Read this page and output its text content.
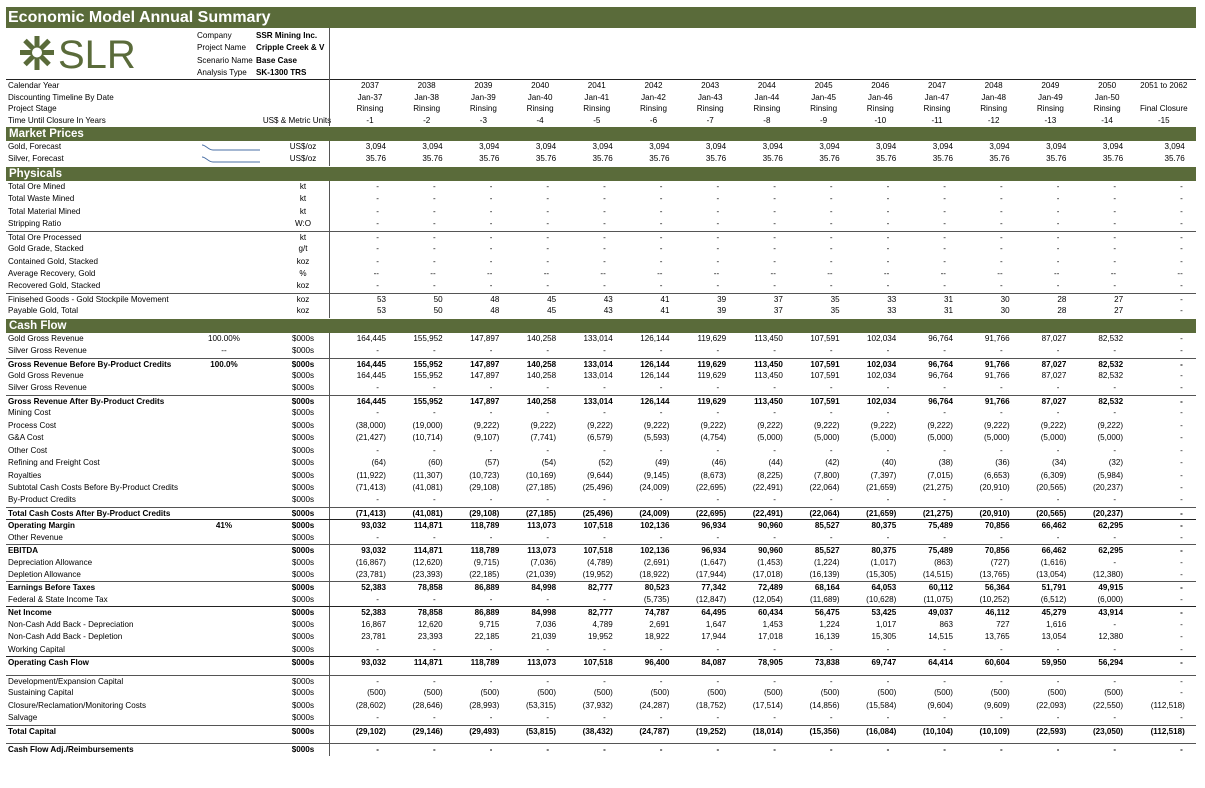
Economic Model Annual Summary
SLR	Company	SSR Mining Inc.
Project Name	Cripple Creek & V
Scenario Name Base Case
Analysis Type	SK-1300 TRS
Calendar Year	2037	2038	2039	2040	2041	2042	2043	2044	2045	2046	2047	2048	2049	2050	2051 to 2062
Discounting Timeline By Date	Jan-37	Jan-38	Jan-39	Jan-40	Jan-41	Jan-42	Jan-43	Jan-44	Jan-45	Jan-46	Jan-47	Jan-48	Jan-49	Jan-50
Project Stage	Rinsing	Rinsing	Rinsing	Rinsing	Rinsing	Rinsing	Rinsing	Rinsing	Rinsing	Rinsing	Rinsing	Rinsing	Rinsing	Rinsing	Final Closure
Time Until Closure In Years	US$ & Metric Units	-1	-2	-3	-4	-5	-6	-7	-8	-9	-10	-11	-12	-13	-14	-15
Market Prices
Gold, Forecast	US$/oz	3,094	3,094	3,094	3,094	3,094	3,094	3,094	3,094	3,094	3,094	3,094	3,094	3,094	3,094	3,094
Silver, Forecast	US$/oz	35.76	35.76	35.76	35.76	35.76	35.76	35.76	35.76	35.76	35.76	35.76	35.76	35.76	35.76	35.76
Physicals
Total Ore Mined	kt	-	-	-	-	-	-	-	-	-	-	-	-	-	-	-
Total Waste Mined	kt	-	-	-	-	-	-	-	-	-	-	-	-	-	-	-
Total Material Mined	kt	-	-	-	-	-	-	-	-	-	-	-	-	-	-	-
Stripping Ratio	W:O	-	-	-	-	-	-	-	-	-	-	-	-	-	-	-
Total Ore Processed	kt	-	-	-	-	-	-	-	-	-	-	-	-	-	-	-
Gold Grade, Stacked	g/t	-	-	-	-	-	-	-	-	-	-	-	-	-	-	-
Contained Gold, Stacked	koz	-	-	-	-	-	-	-	-	-	-	-	-	-	-	-
Average Recovery, Gold	%	--	--	--	--	--	--	--	--	--	--	--	--	--	--	--
Recovered Gold, Stacked	koz	-	-	-	-	-	-	-	-	-	-	-	-	-	-	-
Finisehed Goods - Gold Stockpile Movement	koz	53	50	48	45	43	41	39	37	35	33	31	30	28	27	-
Payable Gold, Total	koz	53	50	48	45	43	41	39	37	35	33	31	30	28	27	-
Cash Flow
Gold Gross Revenue	100.00%	$000s	164,445	155,952	147,897	140,258	133,014	126,144	119,629	113,450	107,591	102,034	96,764	91,766	87,027	82,532	-
Silver Gross Revenue	--	$000s	-	-	-	-	-	-	-	-	-	-	-	-	-	-	-
Gross Revenue Before By-Product Credits	100.0%	$000s	164,445	155,952	147,897	140,258	133,014	126,144	119,629	113,450	107,591	102,034	96,764	91,766	87,027	82,532	-
Gold Gross Revenue	$000s	164,445	155,952	147,897	140,258	133,014	126,144	119,629	113,450	107,591	102,034	96,764	91,766	87,027	82,532	-
Silver Gross Revenue	$000s	-	-	-	-	-	-	-	-	-	-	-	-	-	-	-
Gross Revenue After By-Product Credits	$000s	164,445	155,952	147,897	140,258	133,014	126,144	119,629	113,450	107,591	102,034	96,764	91,766	87,027	82,532	-
Mining Cost	$000s	-	-	-	-	-	-	-	-	-	-	-	-	-	-	-
Process Cost	$000s	(38,000)	(19,000)	(9,222)	(9,222)	(9,222)	(9,222)	(9,222)	(9,222)	(9,222)	(9,222)	(9,222)	(9,222)	(9,222)	(9,222)	-
G&A Cost	$000s	(21,427)	(10,714)	(9,107)	(7,741)	(6,579)	(5,593)	(4,754)	(5,000)	(5,000)	(5,000)	(5,000)	(5,000)	(5,000)	(5,000)	-
Other Cost	$000s	-	-	-	-	-	-	-	-	-	-	-	-	-	-	-
Refining and Freight Cost	$000s	(64)	(60)	(57)	(54)	(52)	(49)	(46)	(44)	(42)	(40)	(38)	(36)	(34)	(32)	-
Royalties	$000s	(11,922)	(11,307)	(10,723)	(10,169)	(9,644)	(9,145)	(8,673)	(8,225)	(7,800)	(7,397)	(7,015)	(6,653)	(6,309)	(5,984)	-
Subtotal Cash Costs Before By-Product Credits	$000s	(71,413)	(41,081)	(29,108)	(27,185)	(25,496)	(24,009)	(22,695)	(22,491)	(22,064)	(21,659)	(21,275)	(20,910)	(20,565)	(20,237)	-
By-Product Credits	$000s	-	-	-	-	-	-	-	-	-	-	-	-	-	-	-
Total Cash Costs After By-Product Credits	$000s	(71,413)	(41,081)	(29,108)	(27,185)	(25,496)	(24,009)	(22,695)	(22,491)	(22,064)	(21,659)	(21,275)	(20,910)	(20,565)	(20,237)	-
Operating Margin	41%	$000s	93,032	114,871	118,789	113,073	107,518	102,136	96,934	90,960	85,527	80,375	75,489	70,856	66,462	62,295	-
Other Revenue	$000s	-	-	-	-	-	-	-	-	-	-	-	-	-	-	-
EBITDA	$000s	93,032	114,871	118,789	113,073	107,518	102,136	96,934	90,960	85,527	80,375	75,489	70,856	66,462	62,295	-
Depreciation Allowance	$000s	(16,867)	(12,620)	(9,715)	(7,036)	(4,789)	(2,691)	(1,647)	(1,453)	(1,224)	(1,017)	(863)	(727)	(1,616)	-	-
Depletion Allowance	$000s	(23,781)	(23,393)	(22,185)	(21,039)	(19,952)	(18,922)	(17,944)	(17,018)	(16,139)	(15,305)	(14,515)	(13,765)	(13,054)	(12,380)	-
Earnings Before Taxes	$000s	52,383	78,858	86,889	84,998	82,777	80,523	77,342	72,489	68,164	64,053	60,112	56,364	51,791	49,915	-
Federal & State Income Tax	$000s	-	-	-	-	-	(5,735)	(12,847)	(12,054)	(11,689)	(10,628)	(11,075)	(10,252)	(6,512)	(6,000)	-
Net Income	$000s	52,383	78,858	86,889	84,998	82,777	74,787	64,495	60,434	56,475	53,425	49,037	46,112	45,279	43,914	-
Non-Cash Add Back - Depreciation	$000s	16,867	12,620	9,715	7,036	4,789	2,691	1,647	1,453	1,224	1,017	863	727	1,616	-	-
Non-Cash Add Back - Depletion	$000s	23,781	23,393	22,185	21,039	19,952	18,922	17,944	17,018	16,139	15,305	14,515	13,765	13,054	12,380	-
Working Capital	$000s	-	-	-	-	-	-	-	-	-	-	-	-	-	-	-
Operating Cash Flow	$000s	93,032	114,871	118,789	113,073	107,518	96,400	84,087	78,905	73,838	69,747	64,414	60,604	59,950	56,294	-
Development/Expansion Capital	$000s	-	-	-	-	-	-	-	-	-	-	-	-	-	-	-
Sustaining Capital	$000s	(500)	(500)	(500)	(500)	(500)	(500)	(500)	(500)	(500)	(500)	(500)	(500)	(500)	(500)	-
Closure/Reclamation/Monitoring Costs	$000s	(28,602)	(28,646)	(28,993)	(53,315)	(37,932)	(24,287)	(18,752)	(17,514)	(14,856)	(15,584)	(9,604)	(9,609)	(22,093)	(22,550)	(112,518)
Salvage	$000s	-	-	-	-	-	-	-	-	-	-	-	-	-	-	-
Total Capital	$000s	(29,102)	(29,146)	(29,493)	(53,815)	(38,432)	(24,787)	(19,252)	(18,014)	(15,356)	(16,084)	(10,104)	(10,109)	(22,593)	(23,050)	(112,518)
Cash Flow Adj./Reimbursements	$000s	-	-	-	-	-	-	-	-	-	-	-	-	-	-	-
